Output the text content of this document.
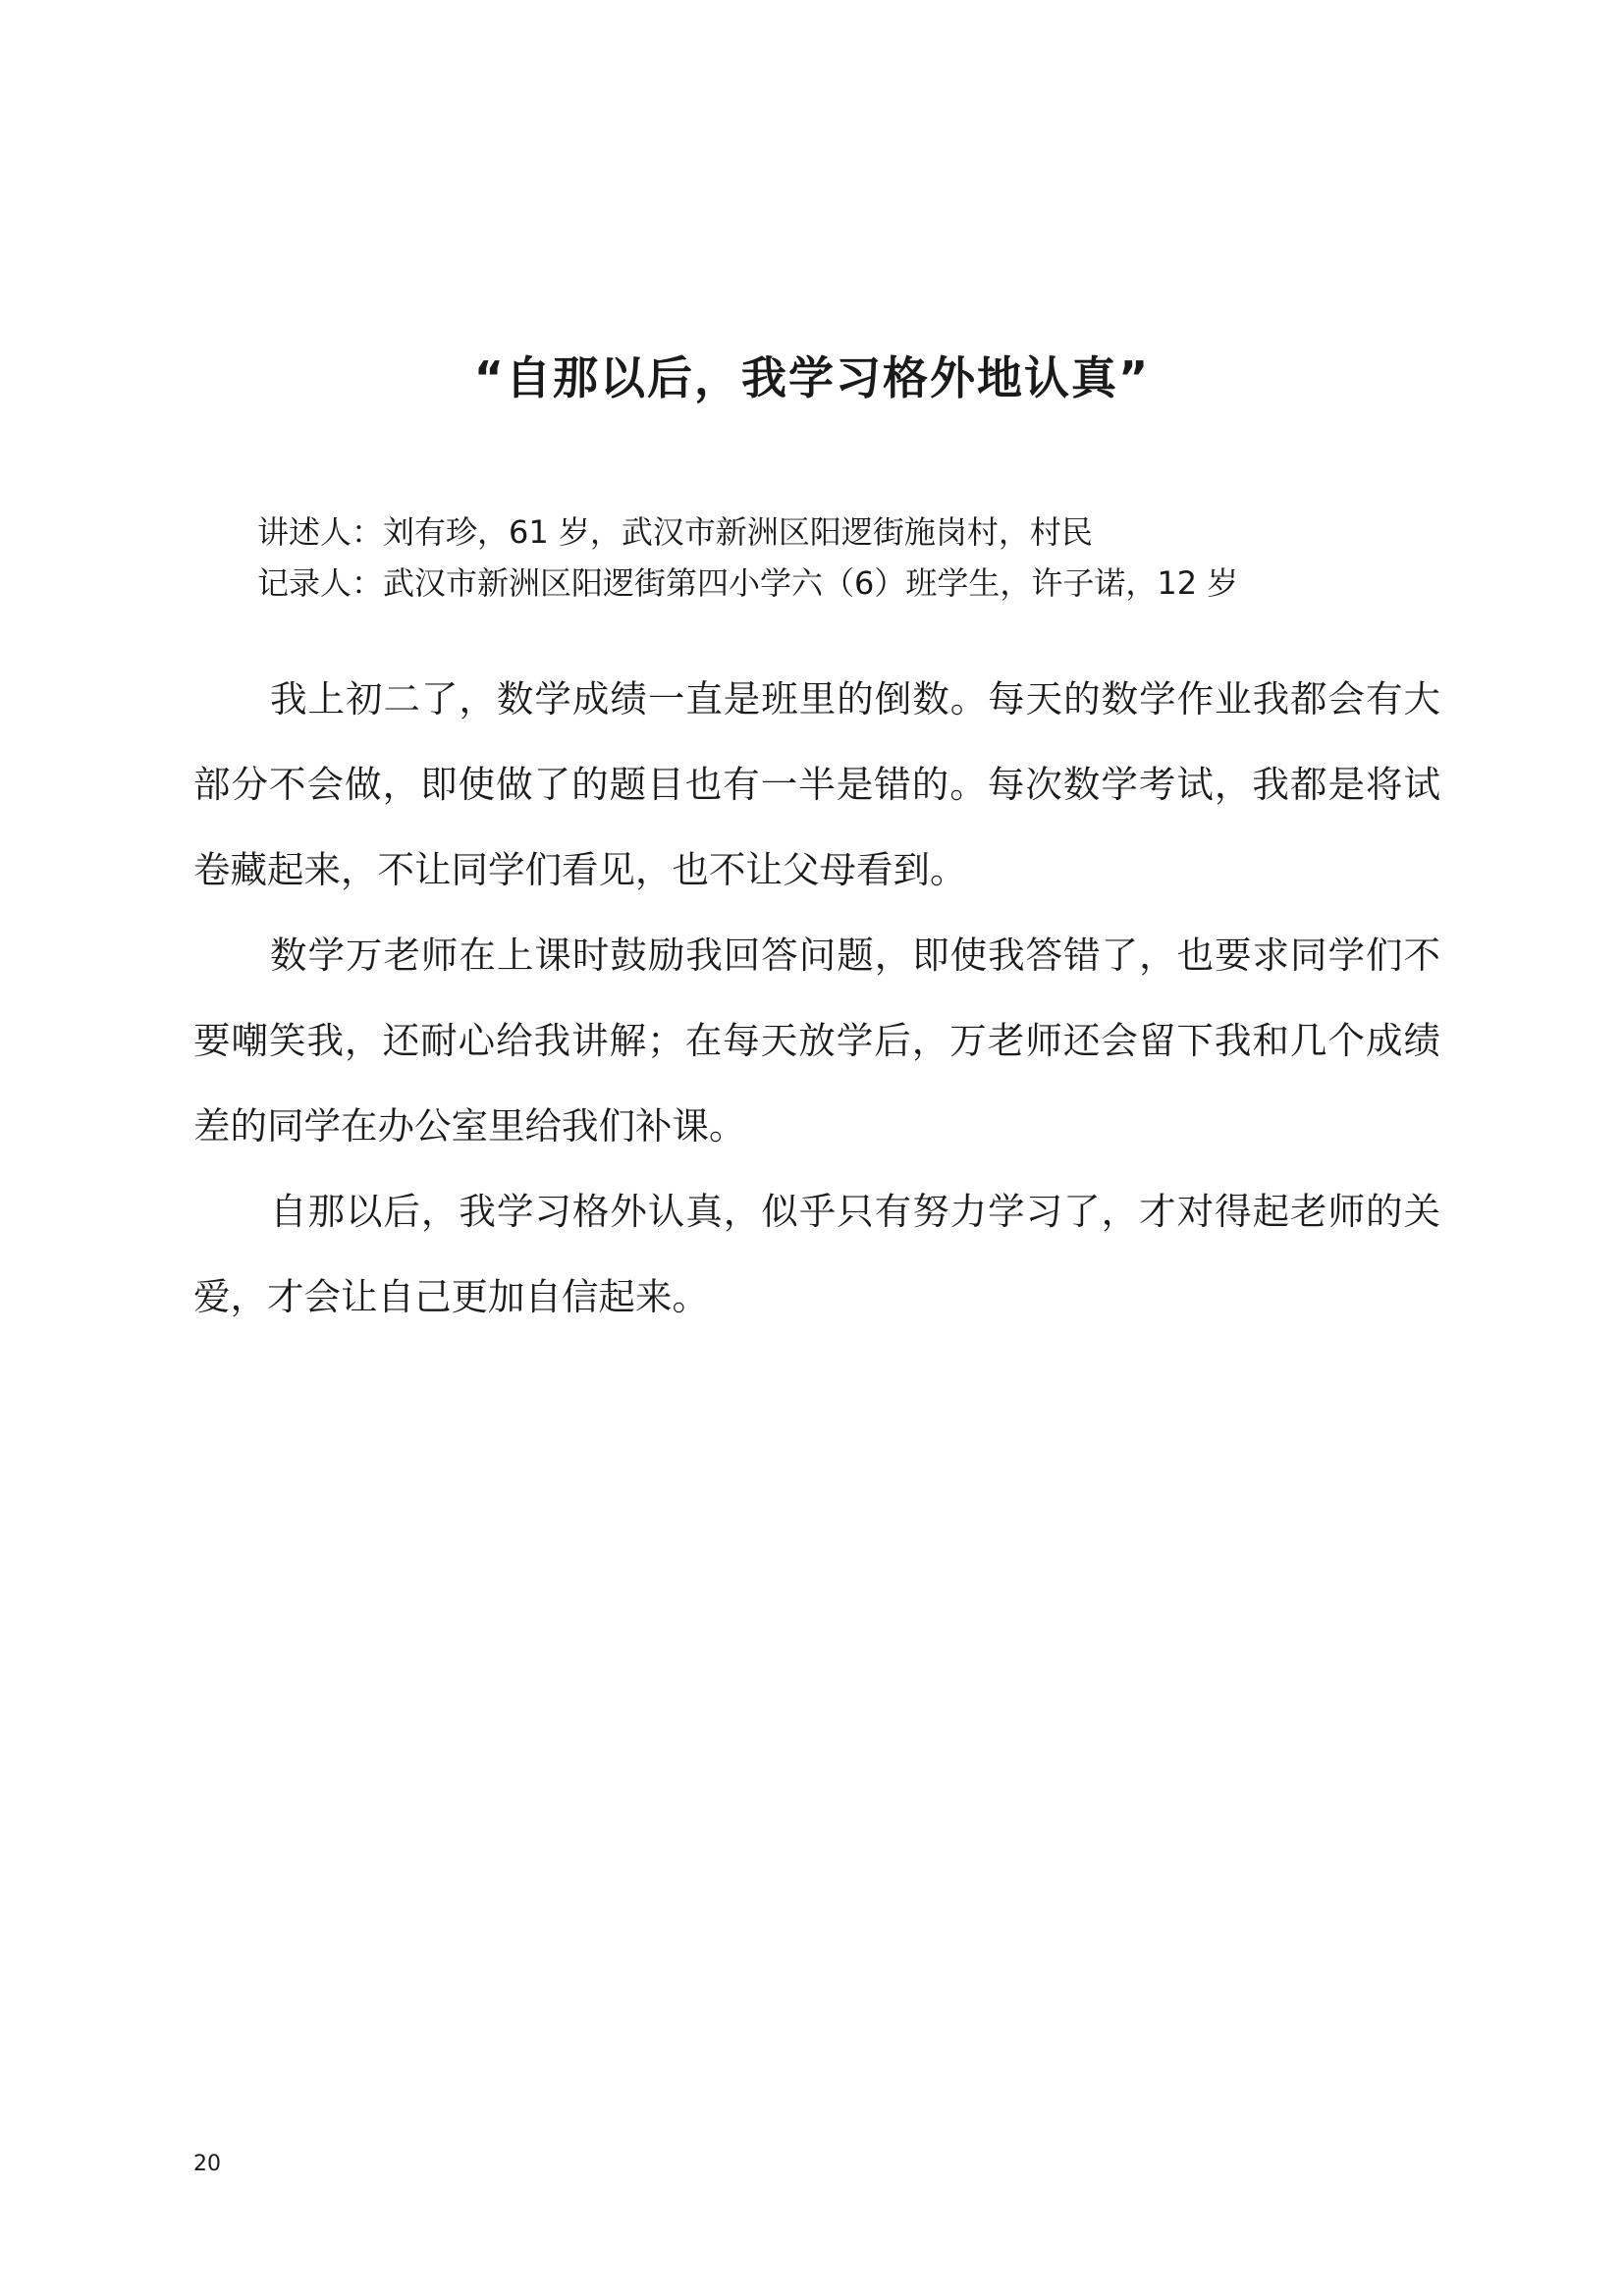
“自那以后，我学习格外地认真”

讲述人：刘有珍，61 岁，武汉市新洲区阳逻街施岗村，村民

记录人：武汉市新洲区阳逻街第四小学六（6）班学生，许子诺，12 岁

我上初二了，数学成绩一直是班里的倒数。每天的数学作业我都会有大部分不会做，即使做了的题目也有一半是错的。每次数学考试，我都是将试卷藏起来，不让同学们看见，也不让父母看到。

数学万老师在上课时鼓励我回答问题，即使我答错了，也要求同学们不要嘲笑我，还耐心给我讲解；在每天放学后，万老师还会留下我和几个成绩差的同学在办公室里给我们补课。

自那以后，我学习格外认真，似乎只有努力学习了，才对得起老师的关爱，才会让自己更加自信起来。

20
